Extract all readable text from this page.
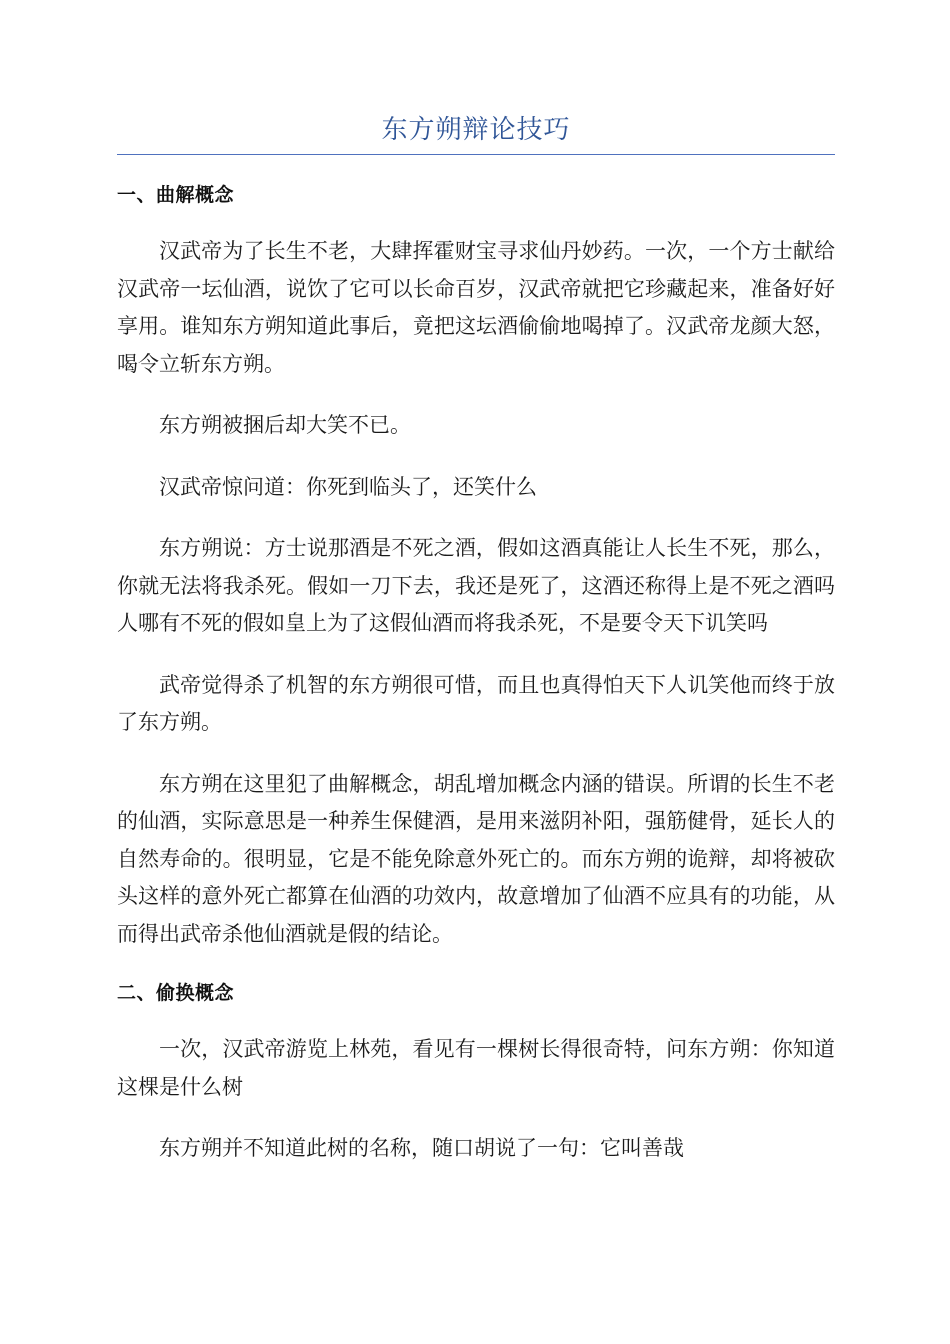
东方朔辩论技巧
一、曲解概念

汉武帝为了长生不老，大肆挥霍财宝寻求仙丹妙药。一次，一个方士献给汉武帝一坛仙酒，说饮了它可以长命百岁，汉武帝就把它珍藏起来，准备好好享用。谁知东方朔知道此事后，竟把这坛酒偷偷地喝掉了。汉武帝龙颜大怒，喝令立斩东方朔。

东方朔被捆后却大笑不已。

汉武帝惊问道：你死到临头了，还笑什么

东方朔说：方士说那酒是不死之酒，假如这酒真能让人长生不死，那么，你就无法将我杀死。假如一刀下去，我还是死了，这酒还称得上是不死之酒吗人哪有不死的假如皇上为了这假仙酒而将我杀死，不是要令天下讥笑吗

武帝觉得杀了机智的东方朔很可惜，而且也真得怕天下人讥笑他而终于放了东方朔。

东方朔在这里犯了曲解概念，胡乱增加概念内涵的错误。所谓的长生不老的仙酒，实际意思是一种养生保健酒，是用来滋阴补阳，强筋健骨，延长人的自然寿命的。很明显，它是不能免除意外死亡的。而东方朔的诡辩，却将被砍头这样的意外死亡都算在仙酒的功效内，故意增加了仙酒不应具有的功能，从而得出武帝杀他仙酒就是假的结论。

二、偷换概念

一次，汉武帝游览上林苑，看见有一棵树长得很奇特，问东方朔：你知道这棵是什么树

东方朔并不知道此树的名称，随口胡说了一句：它叫善哉
